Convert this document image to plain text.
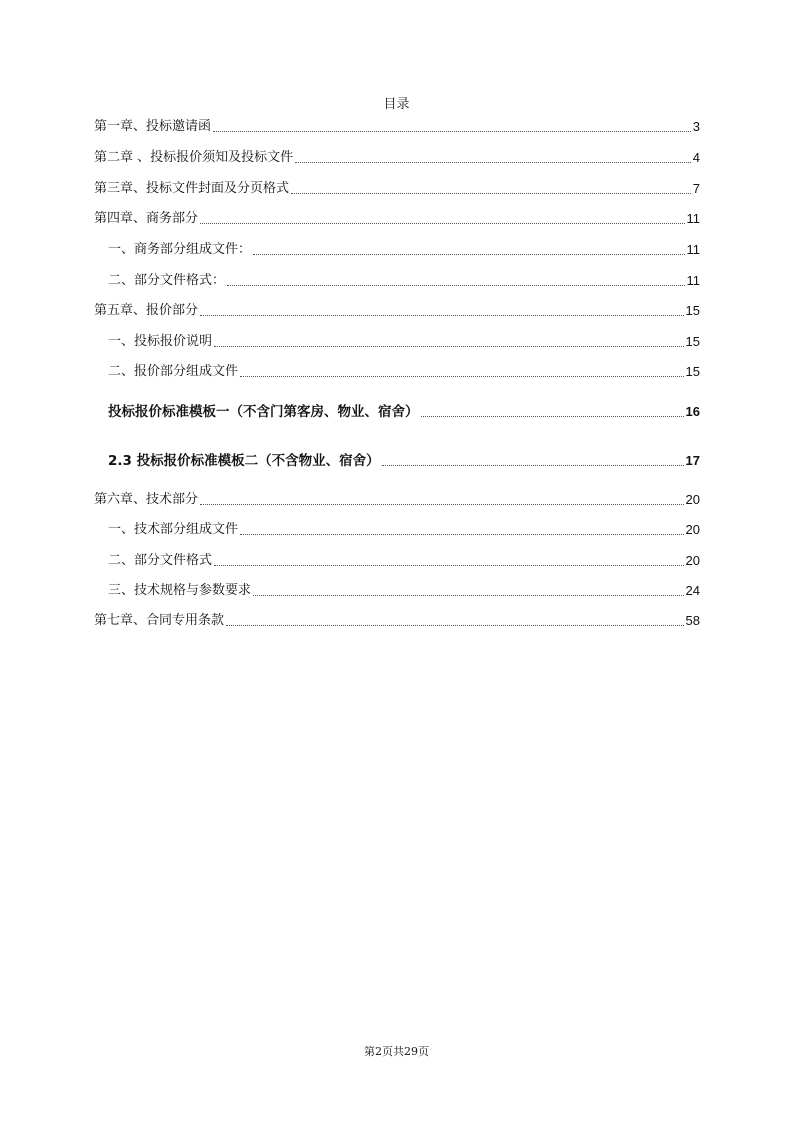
目录
第一章、投标邀请函	3
第二章 、投标报价须知及投标文件	4
第三章、投标文件封面及分页格式	7
第四章、商务部分	11
一、商务部分组成文件：	11
二、部分文件格式：	11
第五章、报价部分	15
一、投标报价说明	15
二、报价部分组成文件	15
投标报价标准模板一（不含门第客房、物业、宿舍）	16
2.3 投标报价标准模板二（不含物业、宿舍）	17
第六章、技术部分	20
一、技术部分组成文件	20
二、部分文件格式	20
三、技术规格与参数要求	24
第七章、合同专用条款	58
第2页共29页
